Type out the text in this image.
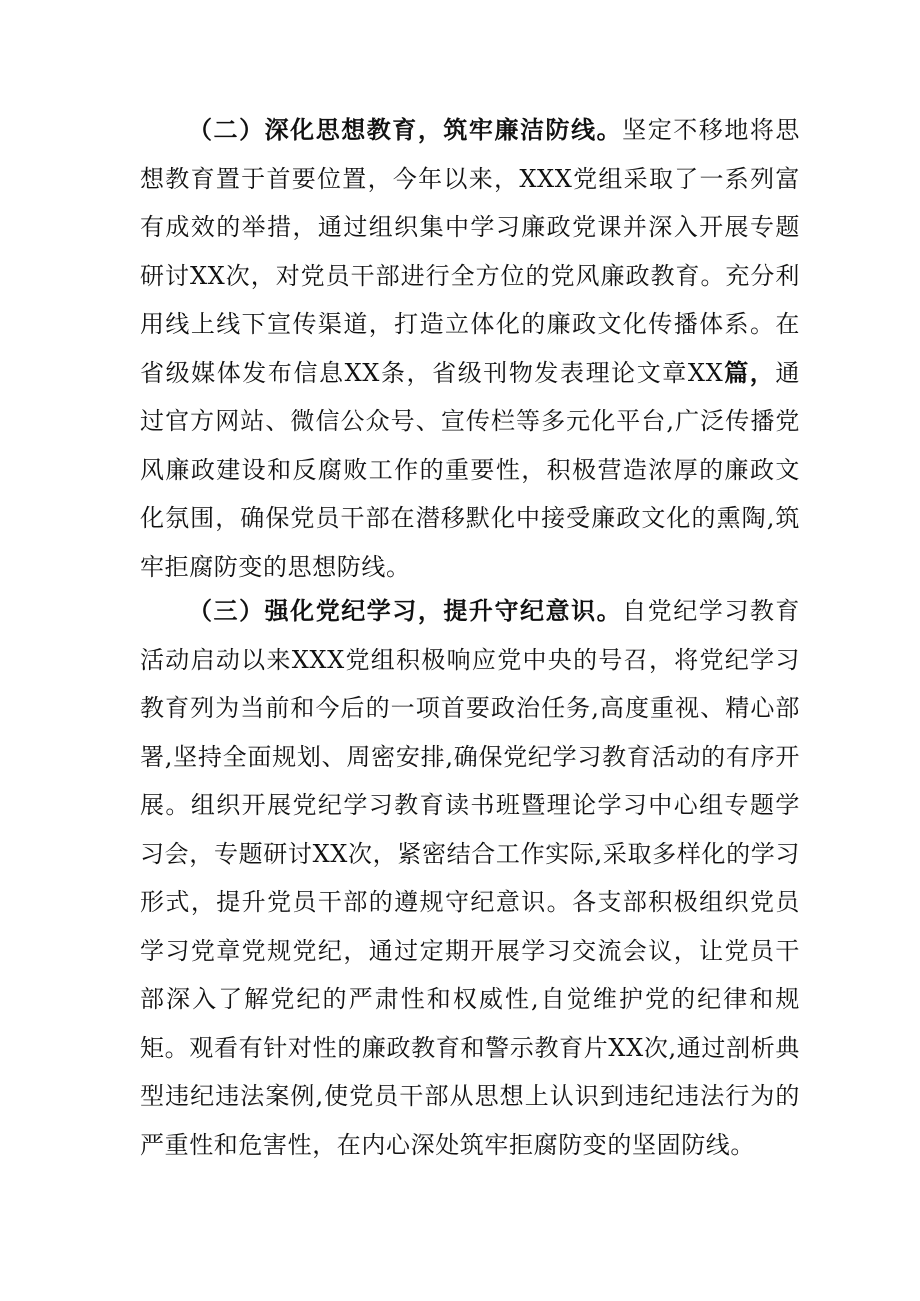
（二）深化思想教育，筑牢廉洁防线。坚定不移地将思想教育置于首要位置，今年以来，XXX党组采取了一系列富有成效的举措，通过组织集中学习廉政党课并深入开展专题研讨XX次，对党员干部进行全方位的党风廉政教育。充分利用线上线下宣传渠道，打造立体化的廉政文化传播体系。在省级媒体发布信息XX条，省级刊物发表理论文章XX篇，通过官方网站、微信公众号、宣传栏等多元化平台,广泛传播党风廉政建设和反腐败工作的重要性，积极营造浓厚的廉政文化氛围，确保党员干部在潜移默化中接受廉政文化的熏陶,筑牢拒腐防变的思想防线。

（三）强化党纪学习，提升守纪意识。自党纪学习教育活动启动以来XXX党组积极响应党中央的号召，将党纪学习教育列为当前和今后的一项首要政治任务,高度重视、精心部署,坚持全面规划、周密安排,确保党纪学习教育活动的有序开展。组织开展党纪学习教育读书班暨理论学习中心组专题学习会，专题研讨XX次，紧密结合工作实际,采取多样化的学习形式，提升党员干部的遵规守纪意识。各支部积极组织党员学习党章党规党纪，通过定期开展学习交流会议，让党员干部深入了解党纪的严肃性和权威性,自觉维护党的纪律和规矩。观看有针对性的廉政教育和警示教育片XX次,通过剖析典型违纪违法案例,使党员干部从思想上认识到违纪违法行为的严重性和危害性，在内心深处筑牢拒腐防变的坚固防线。
